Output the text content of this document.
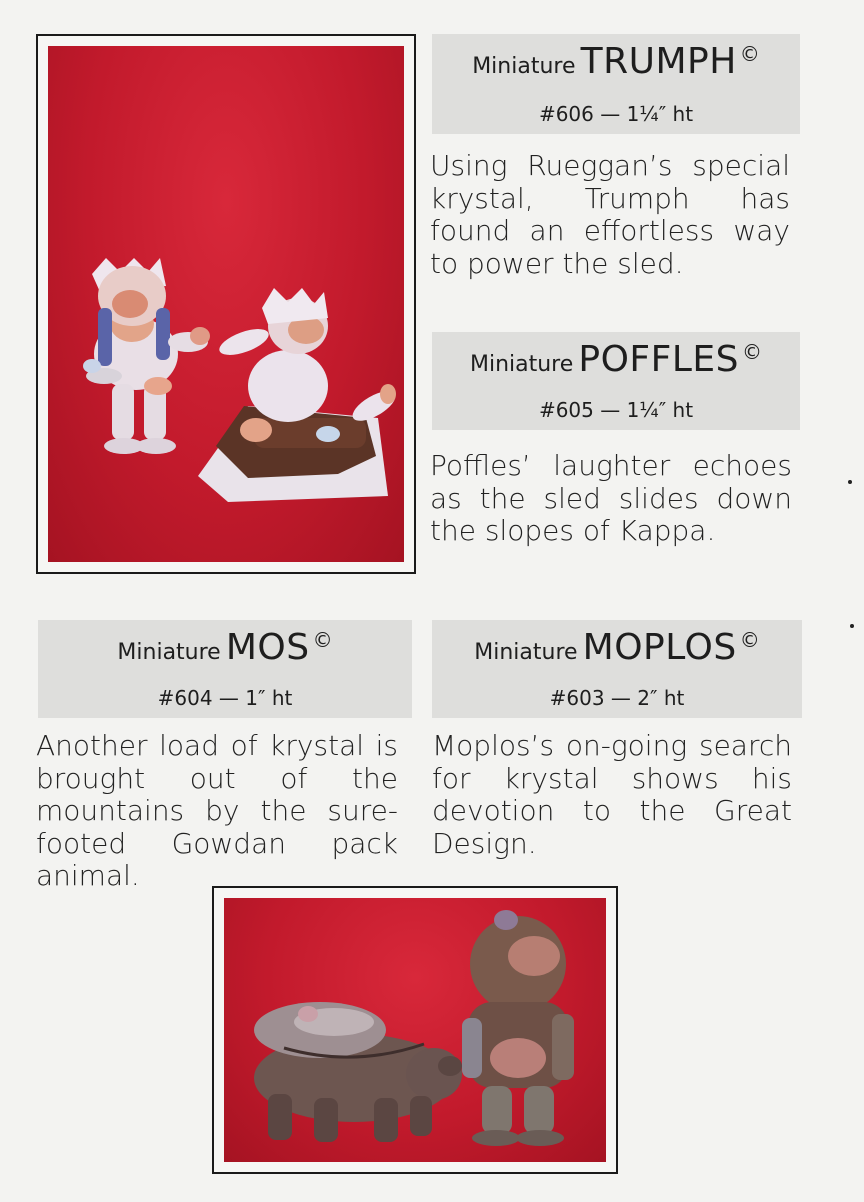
Miniature TRUMPH ©
#606 — 1¼″ ht

Using Rueggan’s special krystal, Trumph has found an effortless way to power the sled.

Miniature POFFLES ©
#605 — 1¼″ ht

Poffles’ laughter echoes as the sled slides down the slopes of Kappa.

Miniature MOS ©
#604 — 1″ ht

Another load of krystal is brought out of the mountains by the sure-footed Gowdan pack animal.

Miniature MOPLOS ©
#603 — 2″ ht

Moplos’s on-going search for krystal shows his devotion to the Great Design.
